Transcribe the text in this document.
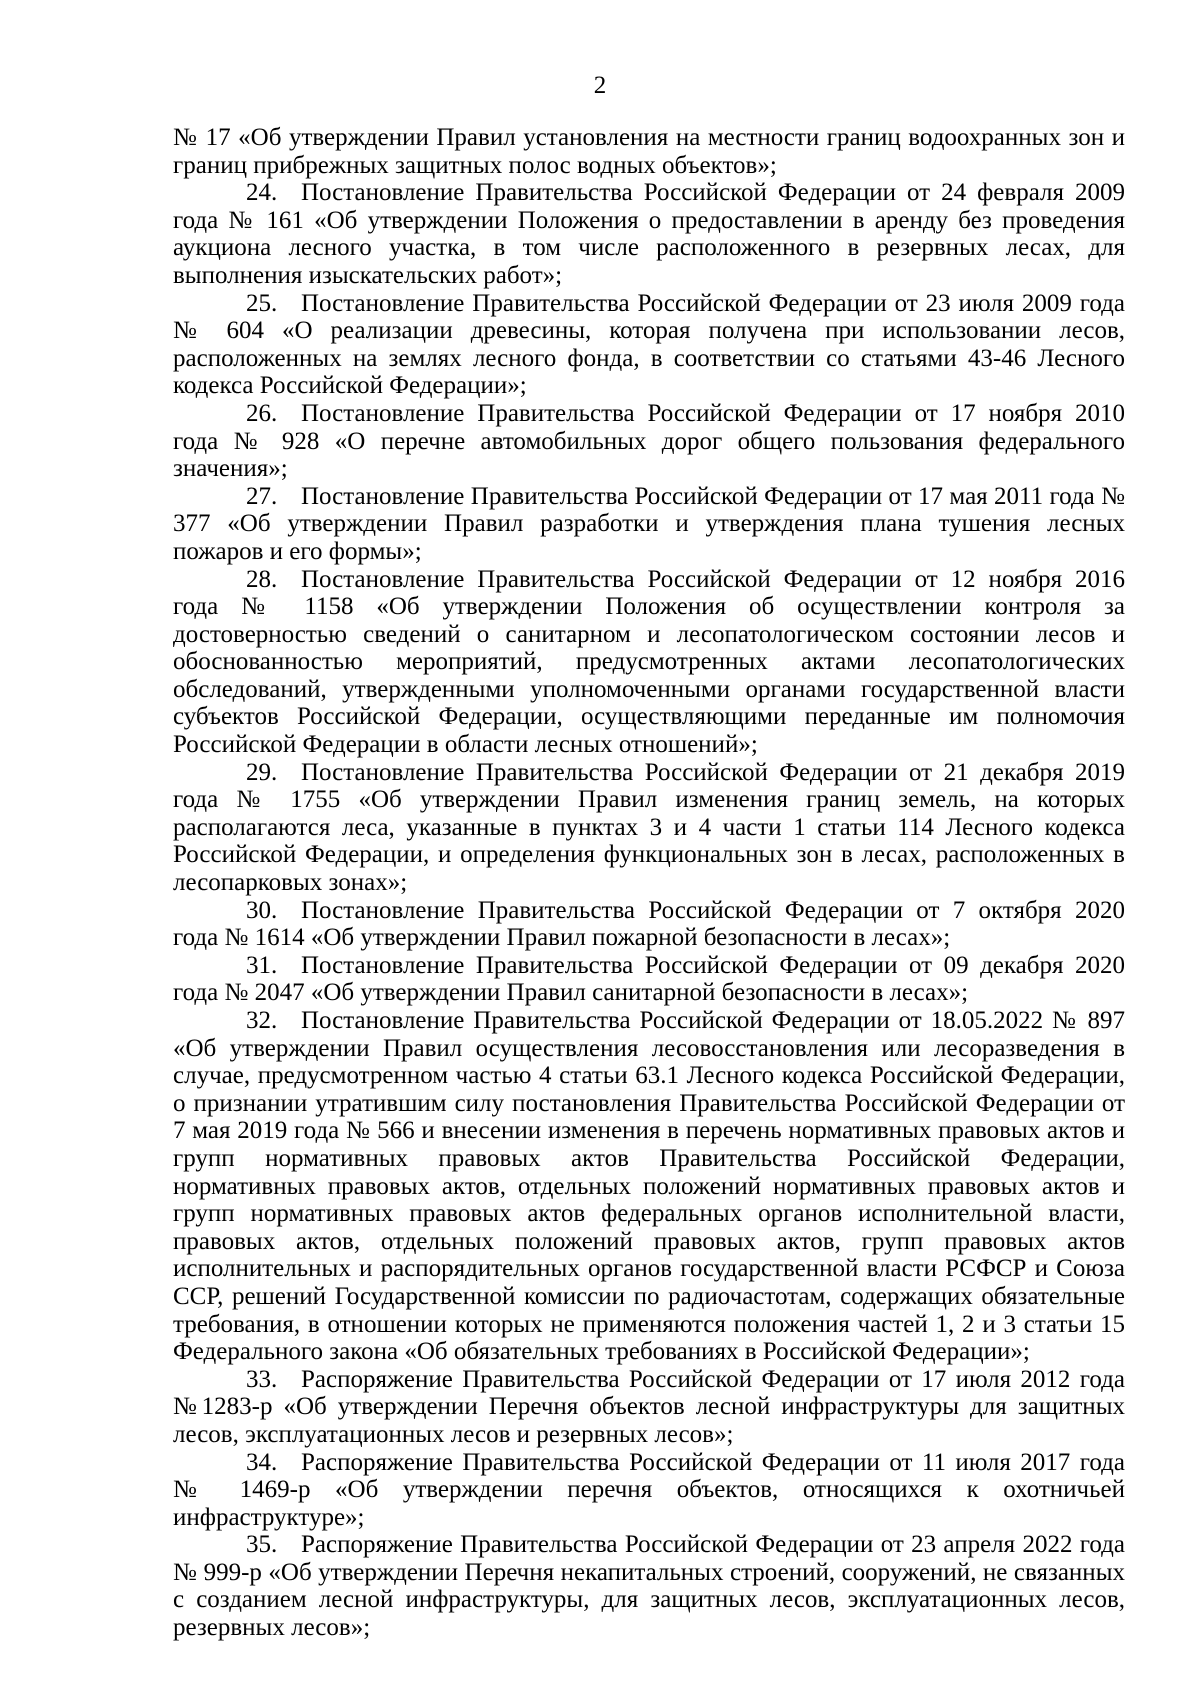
2

№ 17 «Об утверждении Правил установления на местности границ водоохранных зон и границ прибрежных защитных полос водных объектов»;

24. Постановление Правительства Российской Федерации от 24 февраля 2009 года № 161 «Об утверждении Положения о предоставлении в аренду без проведения аукциона лесного участка, в том числе расположенного в резервных лесах, для выполнения изыскательских работ»;

25. Постановление Правительства Российской Федерации от 23 июля 2009 года № 604 «О реализации древесины, которая получена при использовании лесов, расположенных на землях лесного фонда, в соответствии со статьями 43-46 Лесного кодекса Российской Федерации»;

26. Постановление Правительства Российской Федерации от 17 ноября 2010 года № 928 «О перечне автомобильных дорог общего пользования федерального значения»;

27. Постановление Правительства Российской Федерации от 17 мая 2011 года № 377 «Об утверждении Правил разработки и утверждения плана тушения лесных пожаров и его формы»;

28. Постановление Правительства Российской Федерации от 12 ноября 2016 года № 1158 «Об утверждении Положения об осуществлении контроля за достоверностью сведений о санитарном и лесопатологическом состоянии лесов и обоснованностью мероприятий, предусмотренных актами лесопатологических обследований, утвержденными уполномоченными органами государственной власти субъектов Российской Федерации, осуществляющими переданные им полномочия Российской Федерации в области лесных отношений»;

29. Постановление Правительства Российской Федерации от 21 декабря 2019 года № 1755 «Об утверждении Правил изменения границ земель, на которых располагаются леса, указанные в пунктах 3 и 4 части 1 статьи 114 Лесного кодекса Российской Федерации, и определения функциональных зон в лесах, расположенных в лесопарковых зонах»;

30. Постановление Правительства Российской Федерации от 7 октября 2020 года № 1614 «Об утверждении Правил пожарной безопасности в лесах»;

31. Постановление Правительства Российской Федерации от 09 декабря 2020 года № 2047 «Об утверждении Правил санитарной безопасности в лесах»;

32. Постановление Правительства Российской Федерации от 18.05.2022 № 897 «Об утверждении Правил осуществления лесовосстановления или лесоразведения в случае, предусмотренном частью 4 статьи 63.1 Лесного кодекса Российской Федерации, о признании утратившим силу постановления Правительства Российской Федерации от 7 мая 2019 года № 566 и внесении изменения в перечень нормативных правовых актов и групп нормативных правовых актов Правительства Российской Федерации, нормативных правовых актов, отдельных положений нормативных правовых актов и групп нормативных правовых актов федеральных органов исполнительной власти, правовых актов, отдельных положений правовых актов, групп правовых актов исполнительных и распорядительных органов государственной власти РСФСР и Союза ССР, решений Государственной комиссии по радиочастотам, содержащих обязательные требования, в отношении которых не применяются положения частей 1, 2 и 3 статьи 15 Федерального закона «Об обязательных требованиях в Российской Федерации»;

33. Распоряжение Правительства Российской Федерации от 17 июля 2012 года №1283-р «Об утверждении Перечня объектов лесной инфраструктуры для защитных лесов, эксплуатационных лесов и резервных лесов»;

34. Распоряжение Правительства Российской Федерации от 11 июля 2017 года № 1469-р «Об утверждении перечня объектов, относящихся к охотничьей инфраструктуре»;

35. Распоряжение Правительства Российской Федерации от 23 апреля 2022 года № 999-р «Об утверждении Перечня некапитальных строений, сооружений, не связанных с созданием лесной инфраструктуры, для защитных лесов, эксплуатационных лесов, резервных лесов»;
